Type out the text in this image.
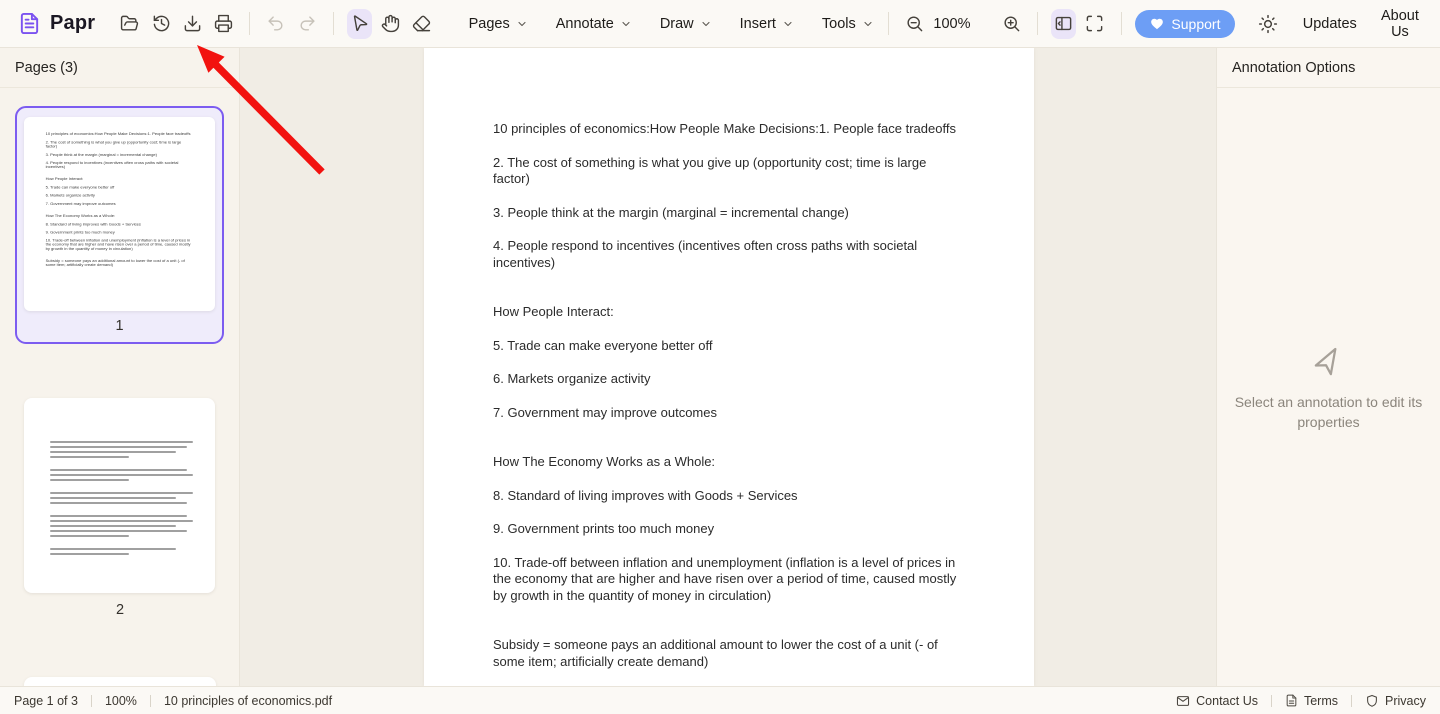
Papr	Pages	Annotate	Draw	Insert	Tools	100%	Support	Updates	About Us
Pages (3)

10 principles of economics:How People Make Decisions:1. People face tradeoffs

2. The cost of something is what you give up (opportunity cost; time is large factor)

3. People think at the margin (marginal = incremental change)

4. People respond to incentives (incentives often cross paths with societal incentives)

How People Interact:

5. Trade can make everyone better off

6. Markets organize activity

7. Government may improve outcomes

How The Economy Works as a Whole:

8. Standard of living improves with Goods + Services

9. Government prints too much money

10. Trade-off between inflation and unemployment (inflation is a level of prices in the economy that are higher and have risen over a period of time, caused mostly by growth in the quantity of money in circulation)

Subsidy = someone pays an additional amount to lower the cost of a unit (- of some item; artificially create demand)

1
2

10 principles of economics:How People Make Decisions:1. People face tradeoffs

2. The cost of something is what you give up (opportunity cost; time is large factor)

3. People think at the margin (marginal = incremental change)

4. People respond to incentives (incentives often cross paths with societal incentives)

How People Interact:

5. Trade can make everyone better off

6. Markets organize activity

7. Government may improve outcomes

How The Economy Works as a Whole:

8. Standard of living improves with Goods + Services

9. Government prints too much money

10. Trade-off between inflation and unemployment (inflation is a level of prices in the economy that are higher and have risen over a period of time, caused mostly by growth in the quantity of money in circulation)

Subsidy = someone pays an additional amount to lower the cost of a unit (- of some item; artificially create demand)

Annotation Options
Select an annotation to edit its properties
Page 1 of 3 100% 10 principles of economics.pdf	Contact Us	Terms	Privacy
